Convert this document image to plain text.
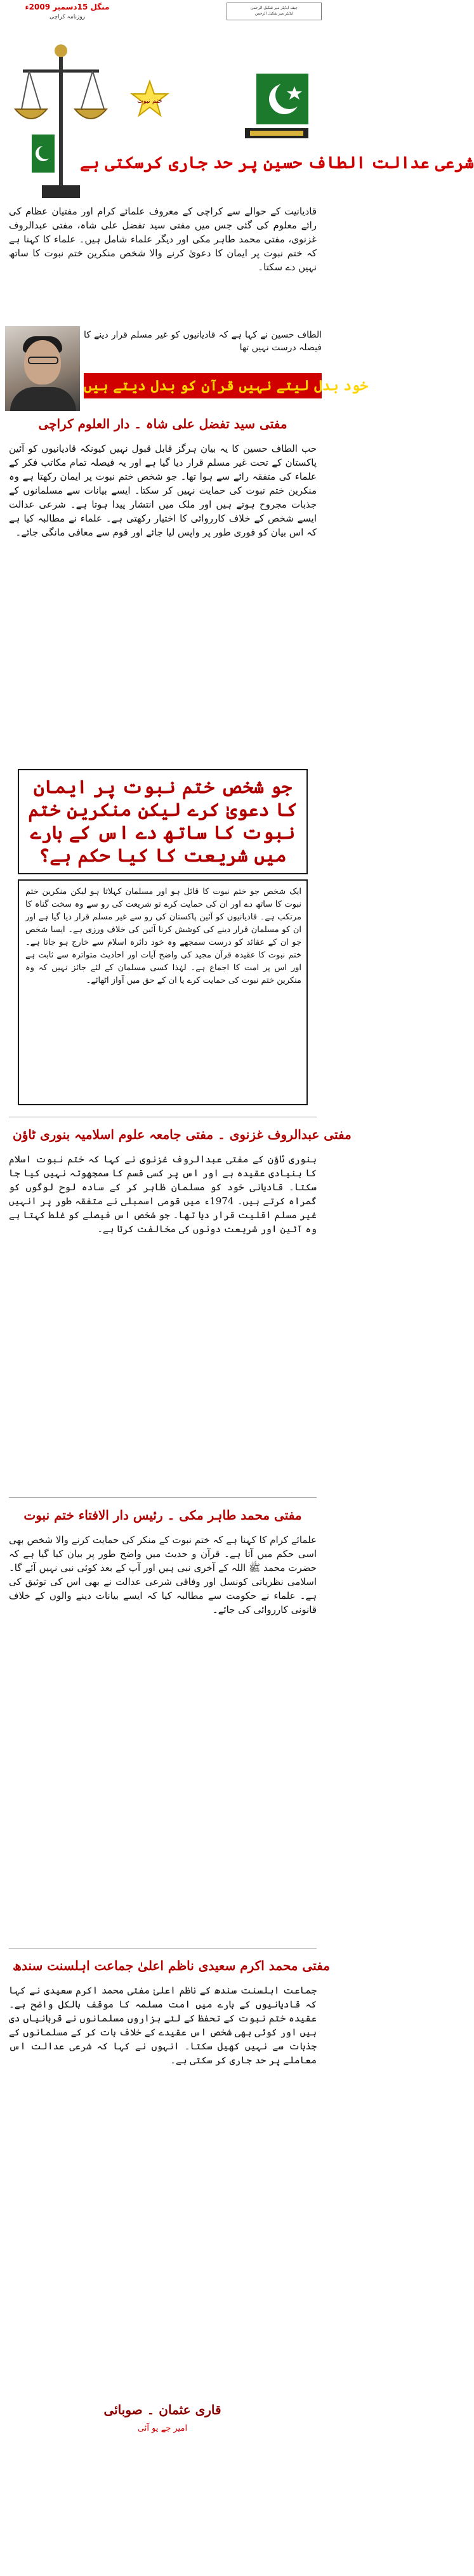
منگل 15دسمبر 2009ء
روزنامہ کراچی
چیف ایڈیٹر میر شکیل الرحمن
ایڈیٹر میر شکیل الرحمن
ختم نبوت
شرعی عدالت الطاف حسین پر حد جاری کرسکتی ہے
قادیانیت کے حوالے سے کراچی کے معروف علمائے کرام اور مفتیان عظام کی رائے معلوم کی گئی جس میں مفتی سید تفضل علی شاہ، مفتی عبدالروف غزنوی، مفتی محمد طاہر مکی اور دیگر علماء شامل ہیں۔ علماء کا کہنا ہے کہ ختم نبوت پر ایمان کا دعویٰ کرنے والا شخص منکرین ختم نبوت کا ساتھ نہیں دے سکتا۔
الطاف حسین نے کہا ہے کہ قادیانیوں کو غیر مسلم قرار دینے کا فیصلہ درست نہیں تھا
خود بدل لیتے نہیں قرآن کو بدل دیتے ہیں
مفتی سید تفضل علی شاہ ۔ دار العلوم کراچی
حب الطاف حسین کا یہ بیان ہرگز قابل قبول نہیں کیونکہ قادیانیوں کو آئین پاکستان کے تحت غیر مسلم قرار دیا گیا ہے اور یہ فیصلہ تمام مکاتب فکر کے علماء کی متفقہ رائے سے ہوا تھا۔ جو شخص ختم نبوت پر ایمان رکھتا ہے وہ منکرین ختم نبوت کی حمایت نہیں کر سکتا۔ ایسے بیانات سے مسلمانوں کے جذبات مجروح ہوتے ہیں اور ملک میں انتشار پیدا ہوتا ہے۔ شرعی عدالت ایسے شخص کے خلاف کارروائی کا اختیار رکھتی ہے۔ علماء نے مطالبہ کیا ہے کہ اس بیان کو فوری طور پر واپس لیا جائے اور قوم سے معافی مانگی جائے۔
جو شخص ختم نبوت پر ایمان کا دعویٰ کرے لیکن منکرین ختم نبوت کا ساتھ دے اس کے بارے میں شریعت کا کیا حکم ہے؟
ایک شخص جو ختم نبوت کا قائل ہو اور مسلمان کہلاتا ہو لیکن منکرین ختم نبوت کا ساتھ دے اور ان کی حمایت کرے تو شریعت کی رو سے وہ سخت گناہ کا مرتکب ہے۔ قادیانیوں کو آئین پاکستان کی رو سے غیر مسلم قرار دیا گیا ہے اور ان کو مسلمان قرار دینے کی کوشش کرنا آئین کی خلاف ورزی ہے۔ ایسا شخص جو ان کے عقائد کو درست سمجھے وہ خود دائرہ اسلام سے خارج ہو جاتا ہے۔ ختم نبوت کا عقیدہ قرآن مجید کی واضح آیات اور احادیث متواترہ سے ثابت ہے اور اس پر امت کا اجماع ہے۔ لہٰذا کسی مسلمان کے لئے جائز نہیں کہ وہ منکرین ختم نبوت کی حمایت کرے یا ان کے حق میں آواز اٹھائے۔
مفتی عبدالروف غزنوی ۔ مفتی جامعہ علوم اسلامیہ بنوری ٹاؤن
بنوری ٹاؤن کے مفتی عبدالروف غزنوی نے کہا کہ ختم نبوت اسلام کا بنیادی عقیدہ ہے اور اس پر کسی قسم کا سمجھوتہ نہیں کیا جا سکتا۔ قادیانی خود کو مسلمان ظاہر کر کے سادہ لوح لوگوں کو گمراہ کرتے ہیں۔ 1974ء میں قومی اسمبلی نے متفقہ طور پر انہیں غیر مسلم اقلیت قرار دیا تھا۔ جو شخص اس فیصلے کو غلط کہتا ہے وہ آئین اور شریعت دونوں کی مخالفت کرتا ہے۔
مفتی محمد طاہر مکی ۔ رئیس دار الافتاء ختم نبوت
علمائے کرام کا کہنا ہے کہ ختم نبوت کے منکر کی حمایت کرنے والا شخص بھی اسی حکم میں آتا ہے۔ قرآن و حدیث میں واضح طور پر بیان کیا گیا ہے کہ حضرت محمد ﷺ اللہ کے آخری نبی ہیں اور آپ کے بعد کوئی نبی نہیں آئے گا۔ اسلامی نظریاتی کونسل اور وفاقی شرعی عدالت نے بھی اس کی توثیق کی ہے۔ علماء نے حکومت سے مطالبہ کیا کہ ایسے بیانات دینے والوں کے خلاف قانونی کارروائی کی جائے۔
مفتی محمد اکرم سعیدی ناظم اعلیٰ جماعت اہلسنت سندھ
جماعت اہلسنت سندھ کے ناظم اعلیٰ مفتی محمد اکرم سعیدی نے کہا کہ قادیانیوں کے بارے میں امت مسلمہ کا موقف بالکل واضح ہے۔ عقیدہ ختم نبوت کے تحفظ کے لئے ہزاروں مسلمانوں نے قربانیاں دی ہیں اور کوئی بھی شخص اس عقیدے کے خلاف بات کر کے مسلمانوں کے جذبات سے نہیں کھیل سکتا۔ انہوں نے کہا کہ شرعی عدالت اس معاملے پر حد جاری کر سکتی ہے۔
قاری عثمان ۔ صوبائی
امیر جے یو آئی
